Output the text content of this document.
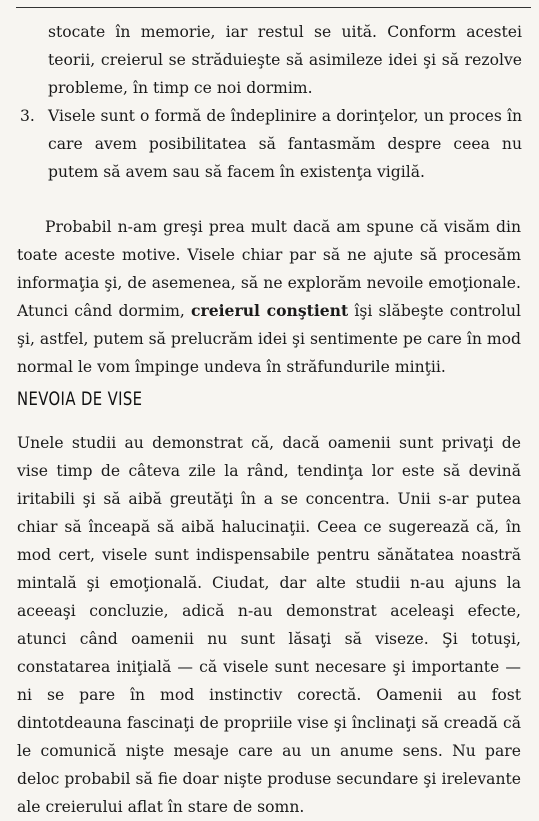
stocate în memorie, iar restul se uită. Conform acestei teorii, creierul se străduieşte să asimileze idei şi să rezolve probleme, în timp ce noi dormim.

3. Visele sunt o formă de îndeplinire a dorinţelor, un proces în care avem posibilitatea să fantasmăm despre ceea nu putem să avem sau să facem în existenţa vigilă.

Probabil n-am greşi prea mult dacă am spune că visăm din toate aceste motive. Visele chiar par să ne ajute să procesăm informaţia şi, de asemenea, să ne explorăm nevoile emoţionale. Atunci când dormim, creierul conştient îşi slăbeşte controlul şi, astfel, putem să prelucrăm idei şi sentimente pe care în mod normal le vom împinge undeva în străfundurile minţii.

NEVOIA DE VISE

Unele studii au demonstrat că, dacă oamenii sunt privaţi de vise timp de câteva zile la rând, tendinţa lor este să devină iritabili şi să aibă greutăţi în a se concentra. Unii s-ar putea chiar să înceapă să aibă halucinaţii. Ceea ce sugerează că, în mod cert, visele sunt indispensabile pentru sănătatea noastră mintală şi emoţională. Ciudat, dar alte studii n-au ajuns la aceeaşi concluzie, adică n-au demonstrat aceleaşi efecte, atunci când oamenii nu sunt lăsaţi să viseze. Şi totuşi, constatarea iniţială — că visele sunt necesare şi importante — ni se pare în mod instinctiv corectă. Oamenii au fost dintotdeauna fascinaţi de propriile vise şi înclinaţi să creadă că le comunică nişte mesaje care au un anume sens. Nu pare deloc probabil să fie doar nişte produse secundare şi irelevante ale creierului aflat în stare de somn.
